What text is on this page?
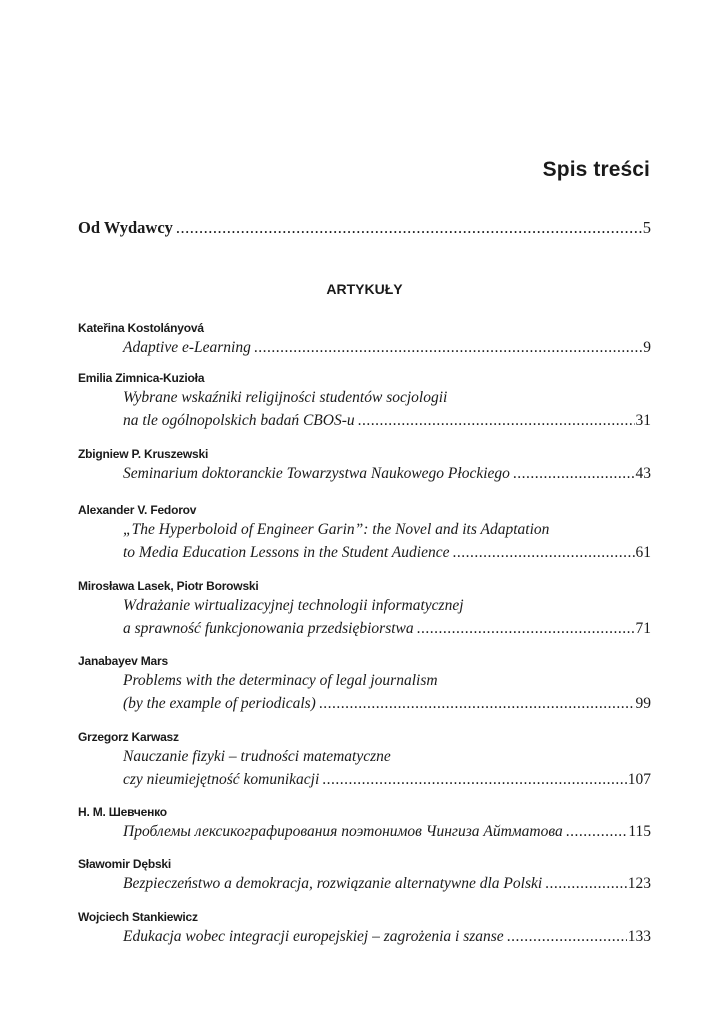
Spis treści
Od Wydawcy .....	5
ARTYKUŁY
Kateřina Kostolányová
Adaptive e-Learning .....	9
Emilia Zimnica-Kuzioła
Wybrane wskaźniki religijności studentów socjologii
na tle ogólnopolskich badań CBOS-u .....	31
Zbigniew P. Kruszewski
Seminarium doktoranckie Towarzystwa Naukowego Płockiego .....	43
Alexander V. Fedorov
„The Hyperboloid of Engineer Garin”: the Novel and its Adaptation
to Media Education Lessons in the Student Audience .....	61
Mirosława Lasek, Piotr Borowski
Wdrażanie wirtualizacyjnej technologii informatycznej
a sprawność funkcjonowania przedsiębiorstwa .....	71
Janabayev Mars
Problems with the determinacy of legal journalism
(by the example of periodicals) .....	99
Grzegorz Karwasz
Nauczanie fizyki – trudności matematyczne
czy nieumiejętność komunikacji .....	107
Н. М. Шевченко
Проблемы лексикографирования поэтонимов Чингиза Айтматова .....	115
Sławomir Dębski
Bezpieczeństwo a demokracja, rozwiązanie alternatywne dla Polski .....	123
Wojciech Stankiewicz
Edukacja wobec integracji europejskiej – zagrożenia i szanse .....	133
